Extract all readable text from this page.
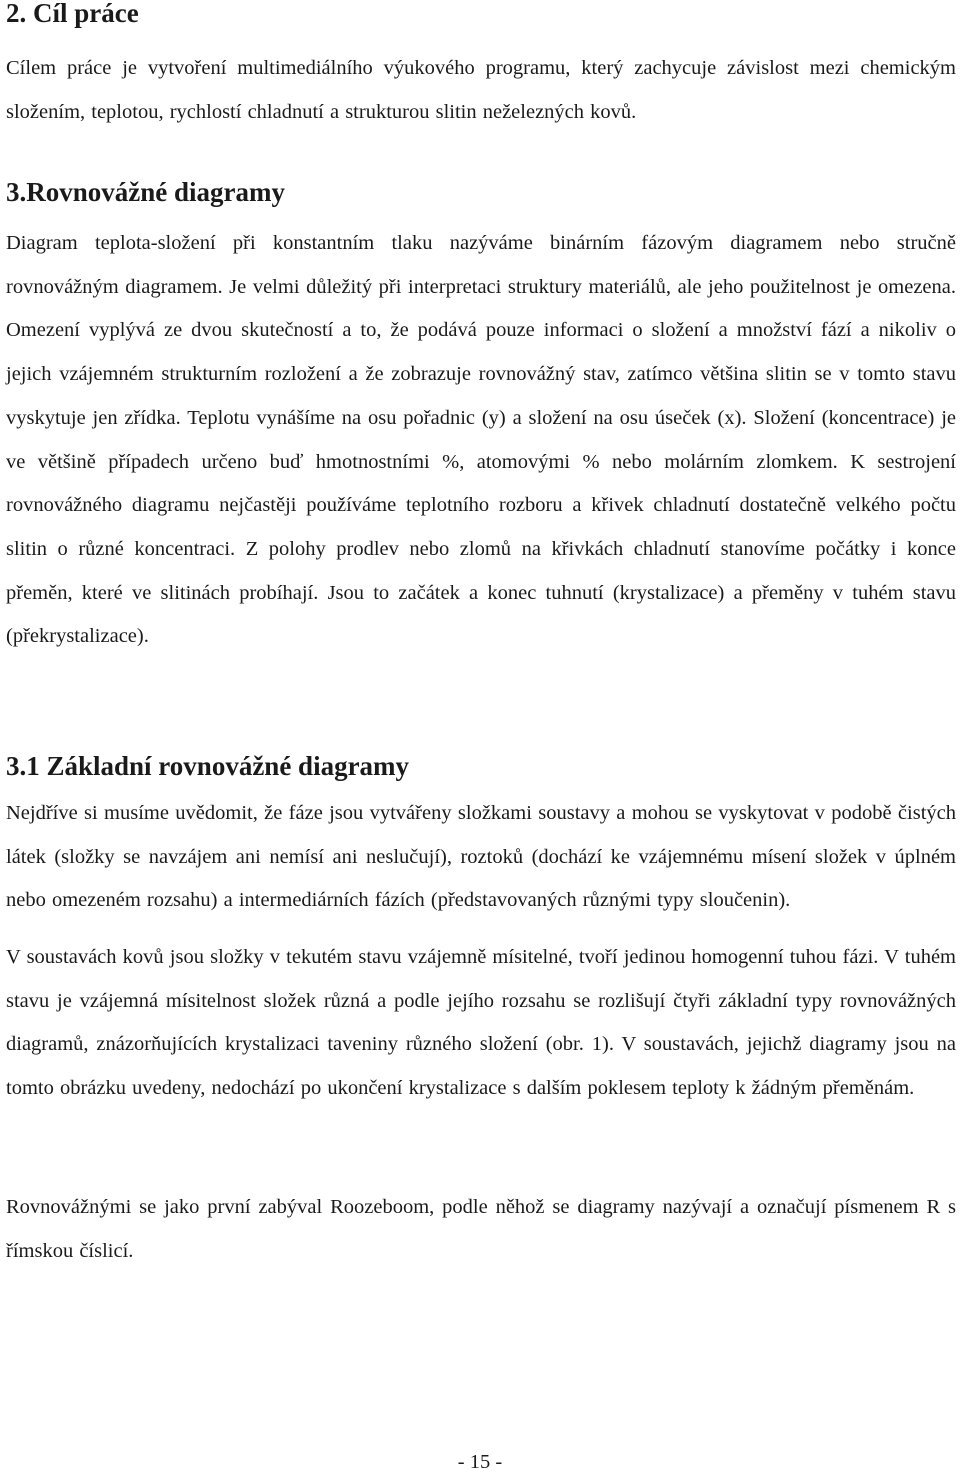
2. Cíl práce

Cílem práce je vytvoření multimediálního výukového programu, který zachycuje závislost mezi chemickým složením, teplotou, rychlostí chladnutí a strukturou slitin neželezných kovů.

3.Rovnovážné diagramy

Diagram teplota-složení při konstantním tlaku nazýváme binárním fázovým diagramem nebo stručně rovnovážným diagramem. Je velmi důležitý při interpretaci struktury materiálů, ale jeho použitelnost je omezena. Omezení vyplývá ze dvou skutečností a to, že podává pouze informaci o složení a množství fází a nikoliv o jejich vzájemném strukturním rozložení a že zobrazuje rovnovážný stav, zatímco většina slitin se v tomto stavu vyskytuje jen zřídka. Teplotu vynášíme na osu pořadnic (y) a složení na osu úseček (x). Složení (koncentrace) je ve většině případech určeno buď hmotnostními %, atomovými % nebo molárním zlomkem. K sestrojení rovnovážného diagramu nejčastěji používáme teplotního rozboru a křivek chladnutí dostatečně velkého počtu slitin o různé koncentraci. Z polohy prodlev nebo zlomů na křivkách chladnutí stanovíme počátky i konce přeměn, které ve slitinách probíhají. Jsou to začátek a konec tuhnutí (krystalizace) a přeměny v tuhém stavu (překrystalizace).

3.1 Základní rovnovážné diagramy

Nejdříve si musíme uvědomit, že fáze jsou vytvářeny složkami soustavy a mohou se vyskytovat v podobě čistých látek (složky se navzájem ani nemísí ani neslučují), roztoků (dochází ke vzájemnému mísení složek v úplném nebo omezeném rozsahu) a intermediárních fázích (představovaných různými typy sloučenin).

V soustavách kovů jsou složky v tekutém stavu vzájemně mísitelné, tvoří jedinou homogenní tuhou fázi. V tuhém stavu je vzájemná mísitelnost složek různá a podle jejího rozsahu se rozlišují čtyři základní typy rovnovážných diagramů, znázorňujících krystalizaci taveniny různého složení (obr. 1). V soustavách, jejichž diagramy jsou na tomto obrázku uvedeny, nedochází po ukončení krystalizace s dalším poklesem teploty k žádným přeměnám.

Rovnovážnými se jako první zabýval Roozeboom, podle něhož se diagramy nazývají a označují písmenem R s římskou číslicí.

- 15 -
